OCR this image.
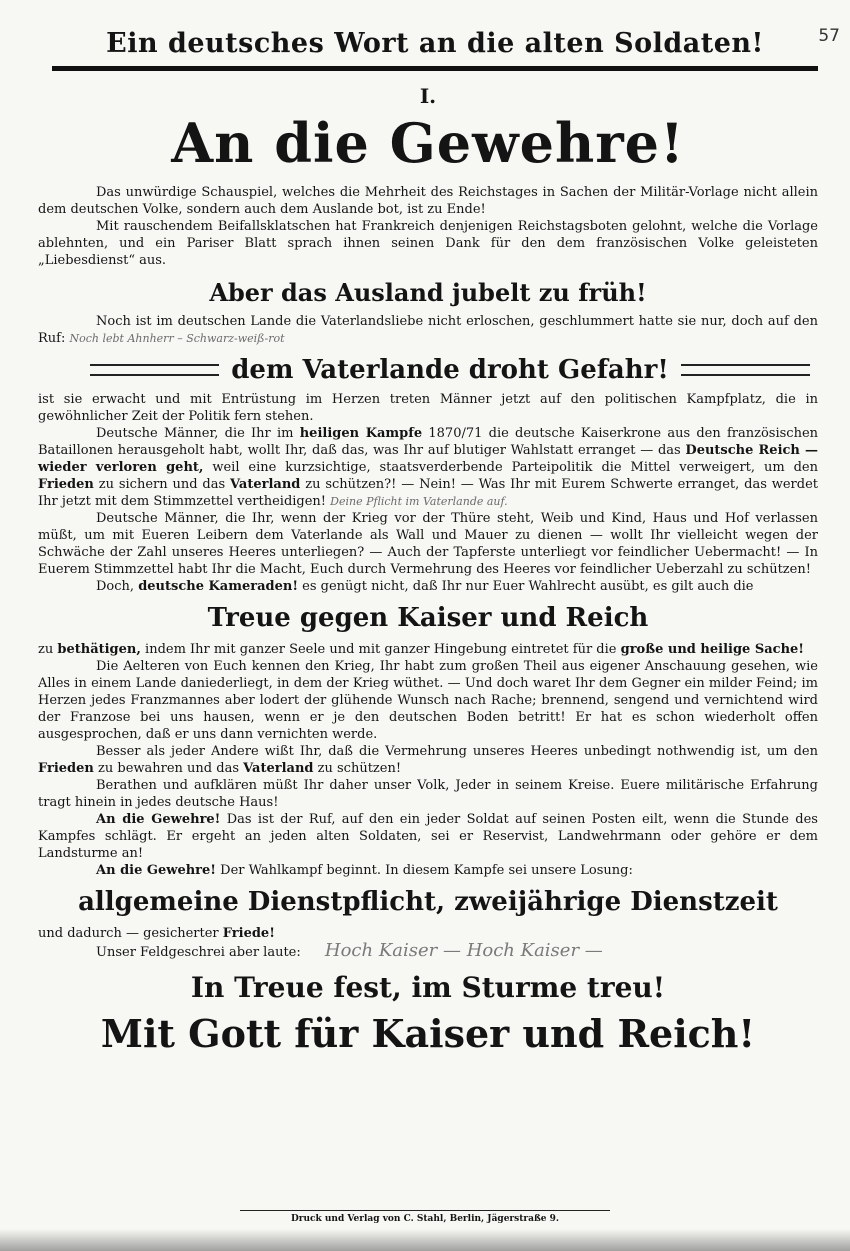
57
Ein deutsches Wort an die alten Soldaten!
I.
An die Gewehre!

Das unwürdige Schauspiel, welches die Mehrheit des Reichstages in Sachen der Militär-Vorlage nicht allein dem deutschen Volke, sondern auch dem Auslande bot, ist zu Ende!

Mit rauschendem Beifallsklatschen hat Frankreich denjenigen Reichstagsboten gelohnt, welche die Vorlage ablehnten, und ein Pariser Blatt sprach ihnen seinen Dank für den dem französischen Volke geleisteten „Liebesdienst“ aus.

Aber das Ausland jubelt zu früh!

Noch ist im deutschen Lande die Vaterlandsliebe nicht erloschen, geschlummert hatte sie nur, doch auf den Ruf: Noch lebt Ahnherr – Schwarz-weiß-rot

dem Vaterlande droht Gefahr!

ist sie erwacht und mit Entrüstung im Herzen treten Männer jetzt auf den politischen Kampfplatz, die in gewöhnlicher Zeit der Politik fern stehen.

Deutsche Männer, die Ihr im heiligen Kampfe 1870/71 die deutsche Kaiserkrone aus den französischen Bataillonen herausgeholt habt, wollt Ihr, daß das, was Ihr auf blutiger Wahlstatt erranget — das Deutsche Reich — wieder verloren geht, weil eine kurzsichtige, staatsverderbende Parteipolitik die Mittel verweigert, um den Frieden zu sichern und das Vaterland zu schützen?! — Nein! — Was Ihr mit Eurem Schwerte erranget, das werdet Ihr jetzt mit dem Stimmzettel vertheidigen! Deine Pflicht im Vaterlande auf.

Deutsche Männer, die Ihr, wenn der Krieg vor der Thüre steht, Weib und Kind, Haus und Hof verlassen müßt, um mit Eueren Leibern dem Vaterlande als Wall und Mauer zu dienen — wollt Ihr vielleicht wegen der Schwäche der Zahl unseres Heeres unterliegen? — Auch der Tapferste unterliegt vor feindlicher Uebermacht! — In Euerem Stimmzettel habt Ihr die Macht, Euch durch Vermehrung des Heeres vor feindlicher Ueberzahl zu schützen!

Doch, deutsche Kameraden! es genügt nicht, daß Ihr nur Euer Wahlrecht ausübt, es gilt auch die

Treue gegen Kaiser und Reich

zu bethätigen, indem Ihr mit ganzer Seele und mit ganzer Hingebung eintretet für die große und heilige Sache!

Die Aelteren von Euch kennen den Krieg, Ihr habt zum großen Theil aus eigener Anschauung gesehen, wie Alles in einem Lande daniederliegt, in dem der Krieg wüthet. — Und doch waret Ihr dem Gegner ein milder Feind; im Herzen jedes Franzmannes aber lodert der glühende Wunsch nach Rache; brennend, sengend und vernichtend wird der Franzose bei uns hausen, wenn er je den deutschen Boden betritt! Er hat es schon wiederholt offen ausgesprochen, daß er uns dann vernichten werde.

Besser als jeder Andere wißt Ihr, daß die Vermehrung unseres Heeres unbedingt nothwendig ist, um den Frieden zu bewahren und das Vaterland zu schützen!

Berathen und aufklären müßt Ihr daher unser Volk, Jeder in seinem Kreise. Euere militärische Erfahrung tragt hinein in jedes deutsche Haus!

An die Gewehre! Das ist der Ruf, auf den ein jeder Soldat auf seinen Posten eilt, wenn die Stunde des Kampfes schlägt. Er ergeht an jeden alten Soldaten, sei er Reservist, Landwehrmann oder gehöre er dem Landsturme an!

An die Gewehre! Der Wahlkampf beginnt. In diesem Kampfe sei unsere Losung:

allgemeine Dienstpflicht, zweijährige Dienstzeit

und dadurch — gesicherter Friede!

Unser Feldgeschrei aber laute: Hoch Kaiser — Hoch Kaiser —

In Treue fest, im Sturme treu!
Mit Gott für Kaiser und Reich!
Druck und Verlag von C. Stahl, Berlin, Jägerstraße 9.
